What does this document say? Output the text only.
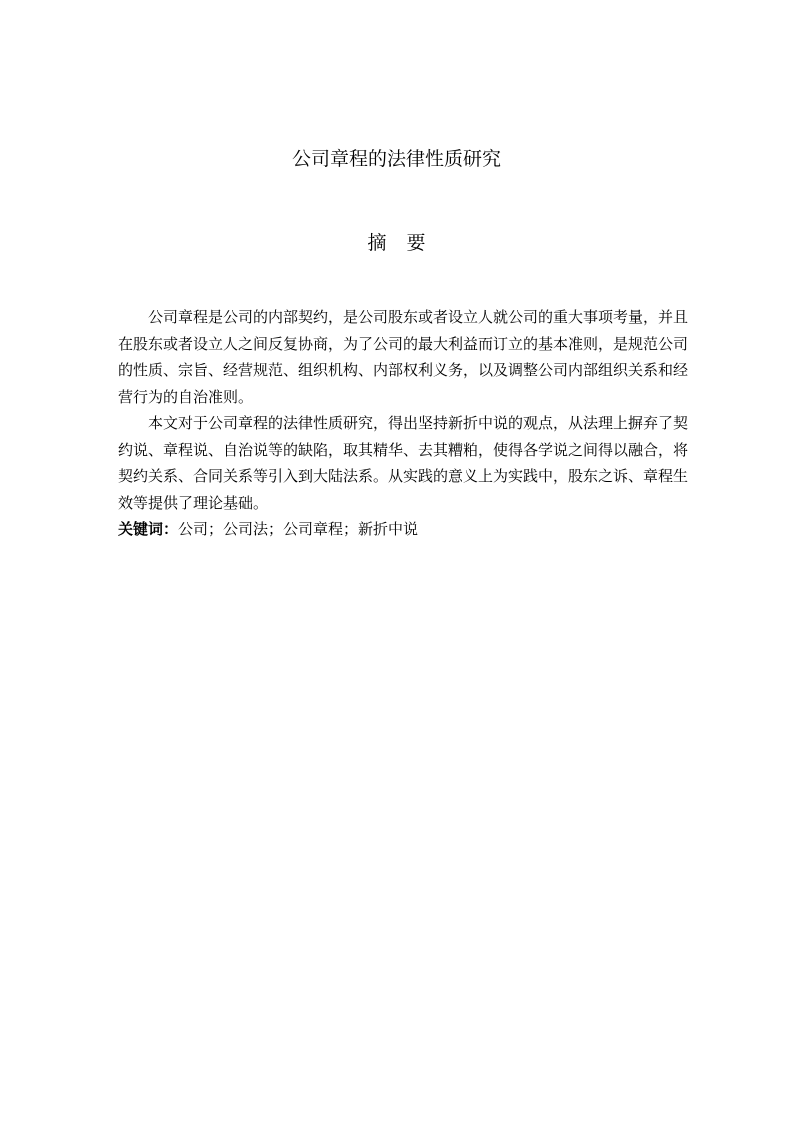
公司章程的法律性质研究
摘要

公司章程是公司的内部契约，是公司股东或者设立人就公司的重大事项考量，并且在股东或者设立人之间反复协商，为了公司的最大利益而订立的基本准则，是规范公司的性质、宗旨、经营规范、组织机构、内部权利义务，以及调整公司内部组织关系和经营行为的自治准则。

本文对于公司章程的法律性质研究，得出坚持新折中说的观点，从法理上摒弃了契约说、章程说、自治说等的缺陷，取其精华、去其糟粕，使得各学说之间得以融合，将契约关系、合同关系等引入到大陆法系。从实践的意义上为实践中，股东之诉、章程生效等提供了理论基础。

关键词：公司；公司法；公司章程；新折中说
